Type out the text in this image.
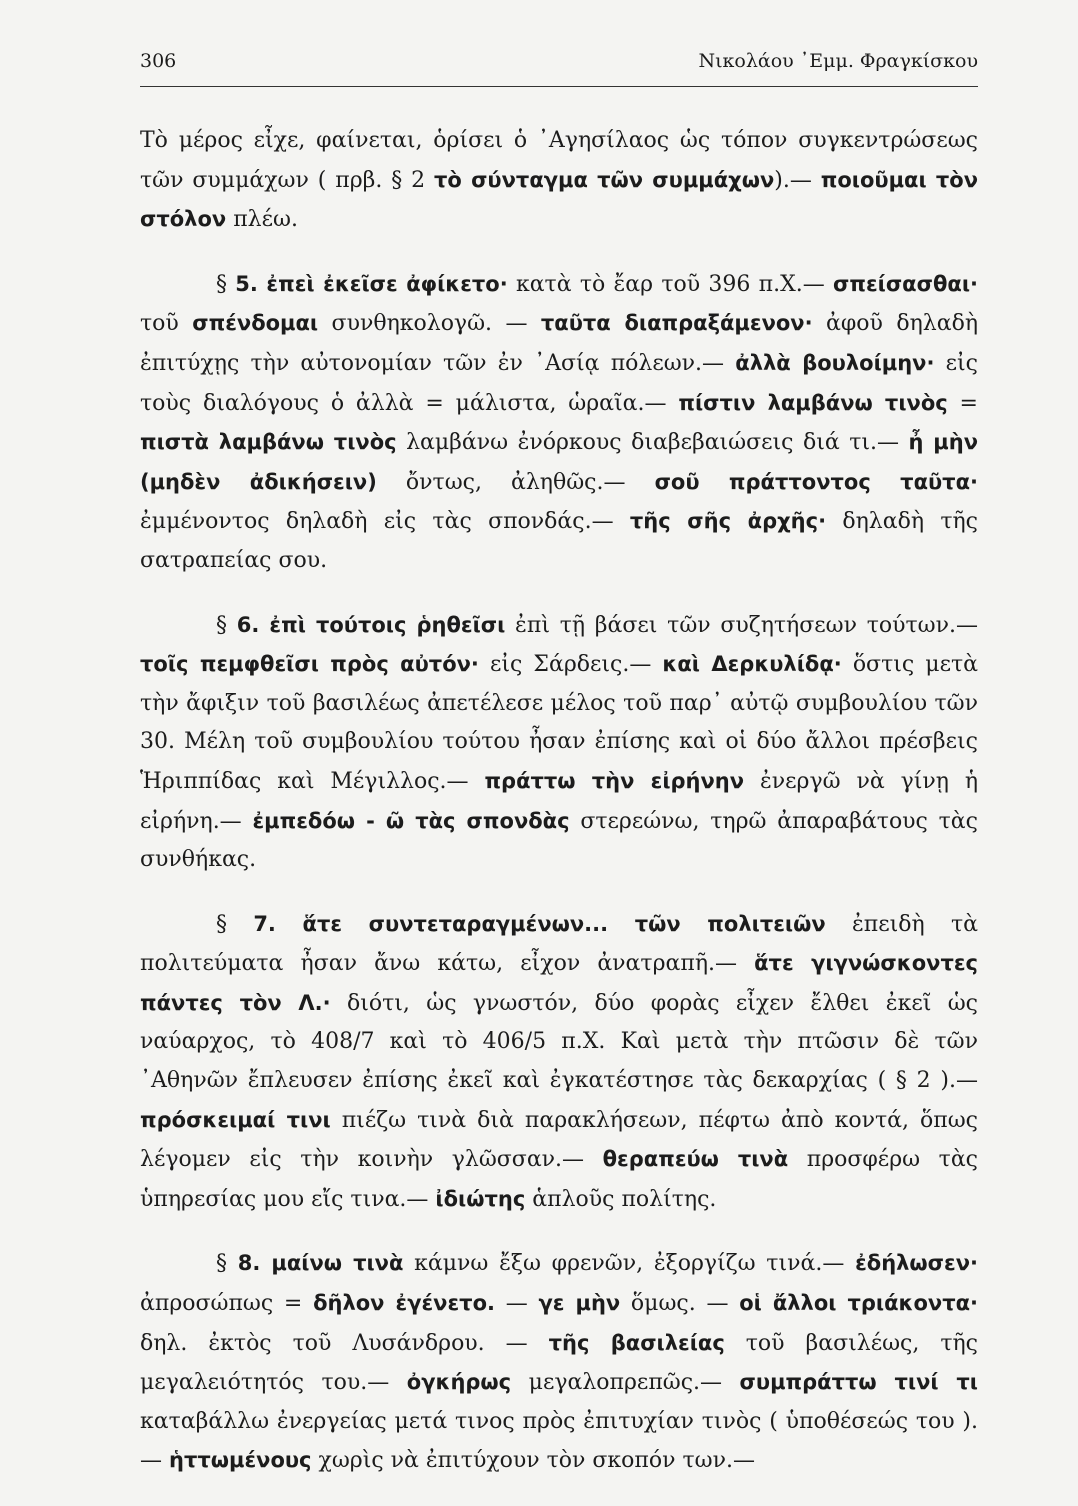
306	Νικολάου ᾿Εμμ. Φραγκίσκου

Τὸ μέρος εἶχε, φαίνεται, ὁρίσει ὁ ᾿Αγησίλαος ὡς τόπον συγκεντρώσεως τῶν συμμάχων ( πρβ. § 2 τὸ σύνταγμα τῶν συμμάχων).— ποιοῦμαι τὸν στόλον πλέω.

§ 5. ἐπεὶ ἐκεῖσε ἀφίκετο· κατὰ τὸ ἔαρ τοῦ 396 π.Χ.— σπείσασθαι· τοῦ σπένδομαι συνθηκολογῶ. — ταῦτα διαπραξάμενον· ἀφοῦ δηλαδὴ ἐπιτύχῃς τὴν αὐτονομίαν τῶν ἐν ᾿Ασίᾳ πόλεων.— ἀλλὰ βουλοίμην· εἰς τοὺς διαλόγους ὁ ἀλλὰ = μάλιστα, ὡραῖα.— πίστιν λαμβάνω τινὸς = πιστὰ λαμβάνω τινὸς λαμβάνω ἐνόρκους διαβεβαιώσεις διά τι.— ἦ μὴν (μηδὲν ἀδικήσειν) ὄντως, ἀληθῶς.— σοῦ πράττοντος ταῦτα· ἐμμένοντος δηλαδὴ εἰς τὰς σπονδάς.— τῆς σῆς ἀρχῆς· δηλαδὴ τῆς σατραπείας σου.

§ 6. ἐπὶ τούτοις ῥηθεῖσι ἐπὶ τῇ βάσει τῶν συζητήσεων τούτων.— τοῖς πεμφθεῖσι πρὸς αὐτόν· εἰς Σάρδεις.— καὶ Δερκυλίδᾳ· ὅστις μετὰ τὴν ἄφιξιν τοῦ βασιλέως ἀπετέλεσε μέλος τοῦ παρ᾿ αὐτῷ συμβουλίου τῶν 30. Μέλη τοῦ συμβουλίου τούτου ἦσαν ἐπίσης καὶ οἱ δύο ἄλλοι πρέσβεις Ἡριππίδας καὶ Μέγιλλος.— πράττω τὴν εἰρήνην ἐνεργῶ νὰ γίνῃ ἡ εἰρήνη.— ἐμπεδόω - ῶ τὰς σπονδὰς στερεώνω, τηρῶ ἀπαραβάτους τὰς συνθήκας.

§ 7. ἅτε συντεταραγμένων... τῶν πολιτειῶν ἐπειδὴ τὰ πολιτεύματα ἦσαν ἄνω κάτω, εἶχον ἀνατραπῆ.— ἅτε γιγνώσκοντες πάντες τὸν Λ.· διότι, ὡς γνωστόν, δύο φορὰς εἶχεν ἔλθει ἐκεῖ ὡς ναύαρχος, τὸ 408/7 καὶ τὸ 406/5 π.Χ. Καὶ μετὰ τὴν πτῶσιν δὲ τῶν ᾿Αθηνῶν ἔπλευσεν ἐπίσης ἐκεῖ καὶ ἐγκατέστησε τὰς δεκαρχίας ( § 2 ).— πρόσκειμαί τινι πιέζω τινὰ διὰ παρακλήσεων, πέφτω ἀπὸ κοντά, ὅπως λέγομεν εἰς τὴν κοινὴν γλῶσσαν.— θεραπεύω τινὰ προσφέρω τὰς ὑπηρεσίας μου εἴς τινα.— ἰδιώτης ἁπλοῦς πολίτης.

§ 8. μαίνω τινὰ κάμνω ἔξω φρενῶν, ἐξοργίζω τινά.— ἐδήλωσεν· ἀπροσώπως = δῆλον ἐγένετο. — γε μὴν ὅμως. — οἱ ἄλλοι τριάκοντα· δηλ. ἐκτὸς τοῦ Λυσάνδρου. — τῆς βασιλείας τοῦ βασιλέως, τῆς μεγαλειότητός του.— ὀγκήρως μεγαλοπρεπῶς.— συμπράττω τινί τι καταβάλλω ἐνεργείας μετά τινος πρὸς ἐπιτυχίαν τινὸς ( ὑποθέσεώς του ).— ἡττωμένους χωρὶς νὰ ἐπιτύχουν τὸν σκοπόν των.—
